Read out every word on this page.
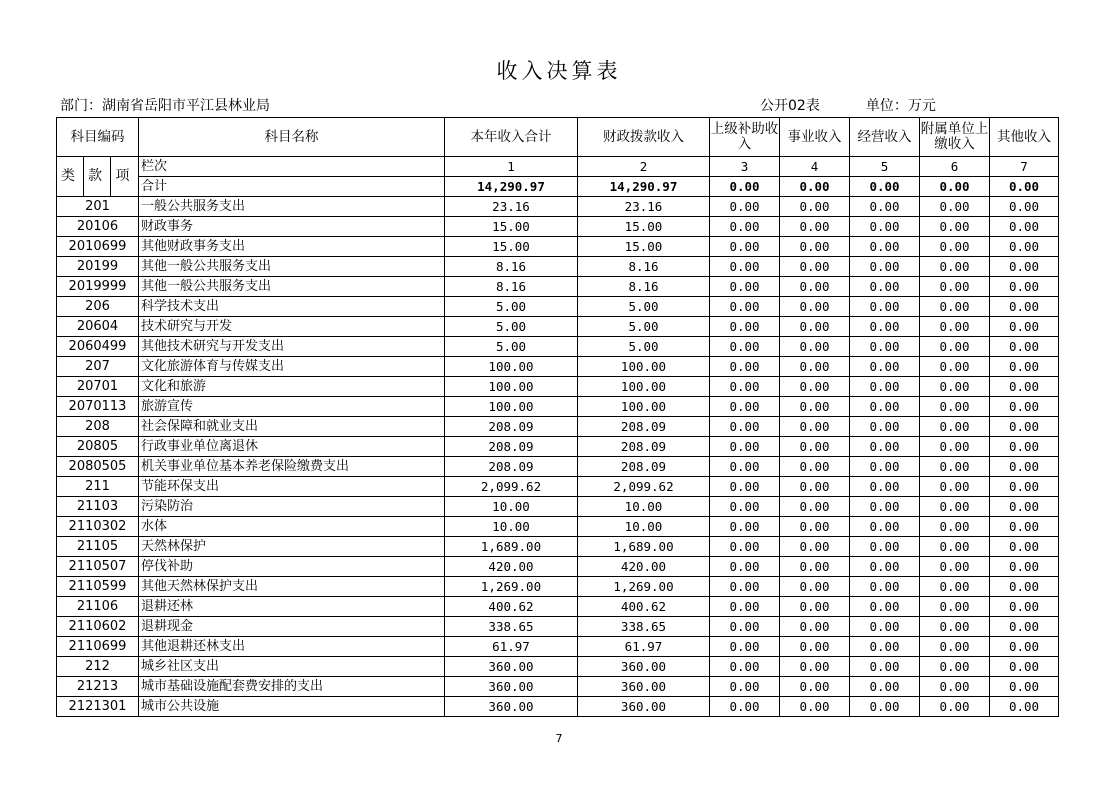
收入决算表
部门：湖南省岳阳市平江县林业局	公开02表	单位：万元
科目编码			科目名称	本年收入合计	财政拨款收入	上级补助收入	事业收入	经营收入	附属单位上缴收入	其他收入
类	款	项	栏次	1	2	3	4	5	6	7
			合计	14,290.97	14,290.97	0.00	0.00	0.00	0.00	0.00
201			一般公共服务支出	23.16	23.16	0.00	0.00	0.00	0.00	0.00
20106			财政事务	15.00	15.00	0.00	0.00	0.00	0.00	0.00
2010699			其他财政事务支出	15.00	15.00	0.00	0.00	0.00	0.00	0.00
20199			其他一般公共服务支出	8.16	8.16	0.00	0.00	0.00	0.00	0.00
2019999			其他一般公共服务支出	8.16	8.16	0.00	0.00	0.00	0.00	0.00
206			科学技术支出	5.00	5.00	0.00	0.00	0.00	0.00	0.00
20604			技术研究与开发	5.00	5.00	0.00	0.00	0.00	0.00	0.00
2060499			其他技术研究与开发支出	5.00	5.00	0.00	0.00	0.00	0.00	0.00
207			文化旅游体育与传媒支出	100.00	100.00	0.00	0.00	0.00	0.00	0.00
20701			文化和旅游	100.00	100.00	0.00	0.00	0.00	0.00	0.00
2070113			旅游宣传	100.00	100.00	0.00	0.00	0.00	0.00	0.00
208			社会保障和就业支出	208.09	208.09	0.00	0.00	0.00	0.00	0.00
20805			行政事业单位离退休	208.09	208.09	0.00	0.00	0.00	0.00	0.00
2080505			机关事业单位基本养老保险缴费支出	208.09	208.09	0.00	0.00	0.00	0.00	0.00
211			节能环保支出	2,099.62	2,099.62	0.00	0.00	0.00	0.00	0.00
21103			污染防治	10.00	10.00	0.00	0.00	0.00	0.00	0.00
2110302			水体	10.00	10.00	0.00	0.00	0.00	0.00	0.00
21105			天然林保护	1,689.00	1,689.00	0.00	0.00	0.00	0.00	0.00
2110507			停伐补助	420.00	420.00	0.00	0.00	0.00	0.00	0.00
2110599			其他天然林保护支出	1,269.00	1,269.00	0.00	0.00	0.00	0.00	0.00
21106			退耕还林	400.62	400.62	0.00	0.00	0.00	0.00	0.00
2110602			退耕现金	338.65	338.65	0.00	0.00	0.00	0.00	0.00
2110699			其他退耕还林支出	61.97	61.97	0.00	0.00	0.00	0.00	0.00
212			城乡社区支出	360.00	360.00	0.00	0.00	0.00	0.00	0.00
21213			城市基础设施配套费安排的支出	360.00	360.00	0.00	0.00	0.00	0.00	0.00
2121301			城市公共设施	360.00	360.00	0.00	0.00	0.00	0.00	0.00
7
